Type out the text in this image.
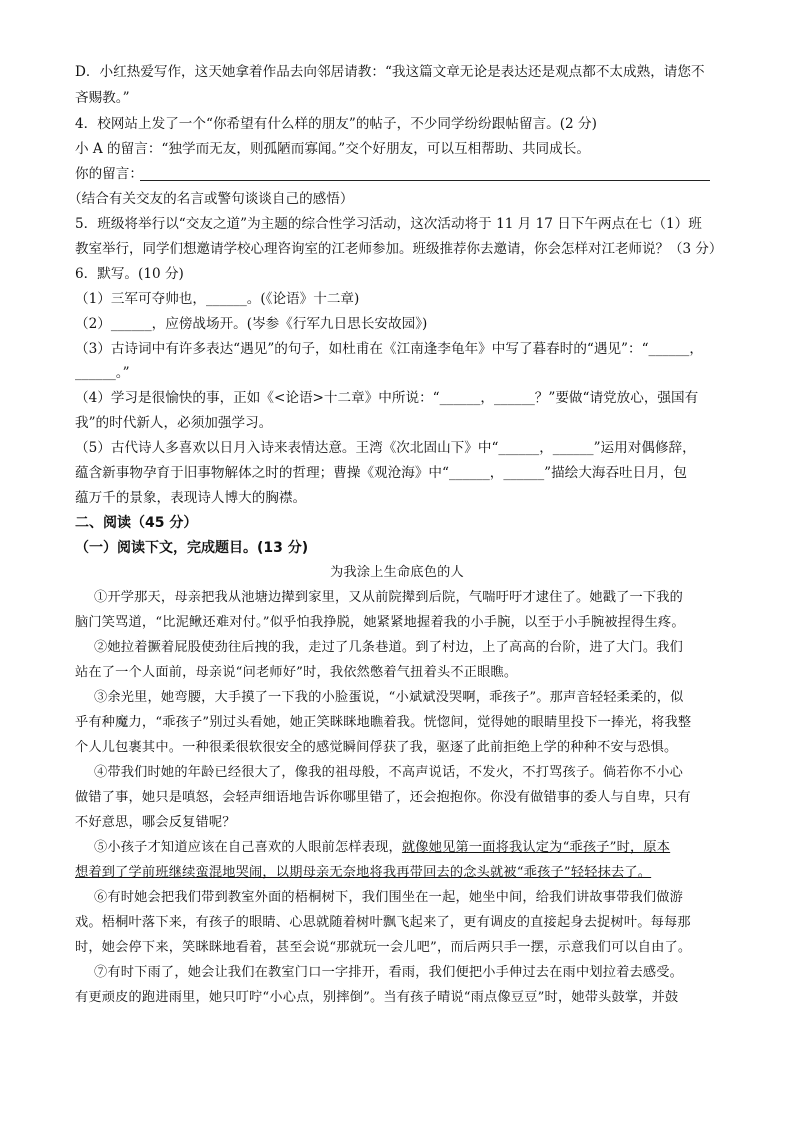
D．小红热爱写作，这天她拿着作品去向邻居请教：“我这篇文章无论是表达还是观点都不太成熟，请您不
吝赐教。”
4．校网站上发了一个“你希望有什么样的朋友”的帖子，不少同学纷纷跟帖留言。(2 分)
小 A 的留言：“独学而无友，则孤陋而寡闻。”交个好朋友，可以互相帮助、共同成长。
你的留言：
（结合有关交友的名言或警句谈谈自己的感悟）
5．班级将举行以“交友之道”为主题的综合性学习活动，这次活动将于 11 月 17 日下午两点在七（1）班
教室举行，同学们想邀请学校心理咨询室的江老师参加。班级推荐你去邀请，你会怎样对江老师说？（3 分）
6．默写。(10 分)
（1）三军可夺帅也，______。(《论语》十二章)
（2）______，应傍战场开。(岑参《行军九日思长安故园》)
（3）古诗词中有许多表达“遇见”的句子，如杜甫在《江南逢李龟年》中写了暮春时的“遇见”：“______，
______。”
（4）学习是很愉快的事，正如《<论语>十二章》中所说：“______，______？”要做“请党放心，强国有
我”的时代新人，必须加强学习。
（5）古代诗人多喜欢以日月入诗来表情达意。王湾《次北固山下》中“______，______”运用对偶修辞，
蕴含新事物孕育于旧事物解体之时的哲理；曹操《观沧海》中“______，______”描绘大海吞吐日月，包
蕴万千的景象，表现诗人博大的胸襟。
二、阅读（45 分）
（一）阅读下文，完成题目。(13 分)
为我涂上生命底色的人
①开学那天，母亲把我从池塘边撵到家里，又从前院撵到后院，气喘吁吁才逮住了。她戳了一下我的
脑门笑骂道，“比泥鳅还难对付。”似乎怕我挣脱，她紧紧地握着我的小手腕，以至于小手腕被捏得生疼。
②她拉着撅着屁股使劲往后拽的我，走过了几条巷道。到了村边，上了高高的台阶，进了大门。我们
站在了一个人面前，母亲说“问老师好”时，我依然憋着气扭着头不正眼瞧。
③余光里，她弯腰，大手摸了一下我的小脸蛋说，“小斌斌没哭啊，乖孩子”。那声音轻轻柔柔的，似
乎有种魔力，“乖孩子”别过头看她，她正笑眯眯地瞧着我。恍惚间，觉得她的眼睛里投下一捧光，将我整
个人儿包裹其中。一种很柔很软很安全的感觉瞬间俘获了我，驱逐了此前拒绝上学的种种不安与恐惧。
④带我们时她的年龄已经很大了，像我的祖母般，不高声说话，不发火，不打骂孩子。倘若你不小心
做错了事，她只是嗔怒，会轻声细语地告诉你哪里错了，还会抱抱你。你没有做错事的委人与自卑，只有
不好意思，哪会反复错呢？
⑤小孩子才知道应该在自己喜欢的人眼前怎样表现，就像她见第一面将我认定为“乖孩子”时，原本
想着到了学前班继续蛮混地哭闹，以期母亲无奈地将我再带回去的念头就被“乖孩子”轻轻抹去了。
⑥有时她会把我们带到教室外面的梧桐树下，我们围坐在一起，她坐中间，给我们讲故事带我们做游
戏。梧桐叶落下来，有孩子的眼睛、心思就随着树叶飘飞起来了，更有调皮的直接起身去捉树叶。每每那
时，她会停下来，笑眯眯地看着，甚至会说“那就玩一会儿吧”，而后两只手一摆，示意我们可以自由了。
⑦有时下雨了，她会让我们在教室门口一字排开，看雨，我们便把小手伸过去在雨中划拉着去感受。
有更顽皮的跑进雨里，她只叮咛“小心点，别摔倒”。当有孩子晴说“雨点像豆豆”时，她带头鼓掌，并鼓
